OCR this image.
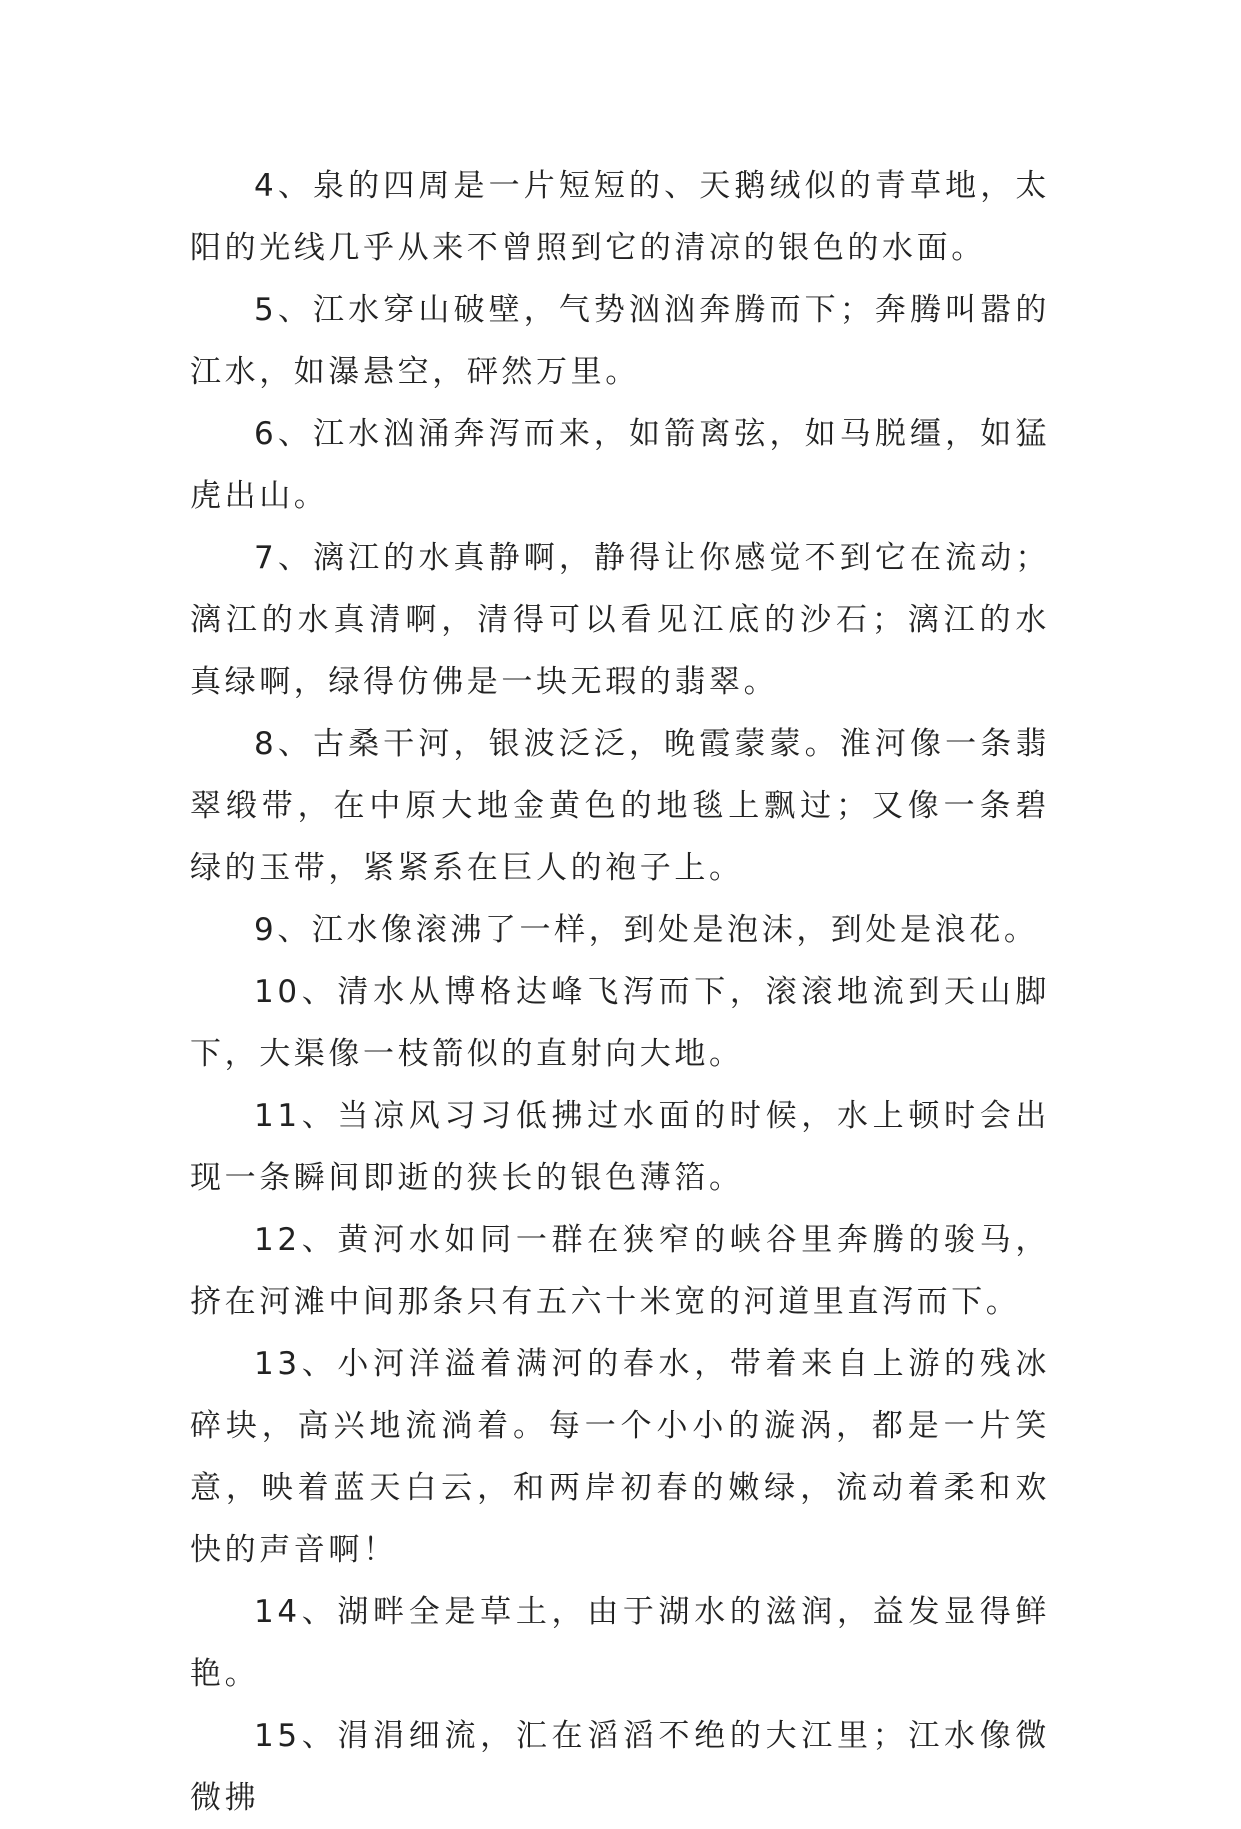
4、泉的四周是一片短短的、天鹅绒似的青草地，太阳的光线几乎从来不曾照到它的清凉的银色的水面。

5、江水穿山破壁，气势汹汹奔腾而下；奔腾叫嚣的江水，如瀑悬空，砰然万里。

6、江水汹涌奔泻而来，如箭离弦，如马脱缰，如猛虎出山。

7、漓江的水真静啊，静得让你感觉不到它在流动；漓江的水真清啊，清得可以看见江底的沙石；漓江的水真绿啊，绿得仿佛是一块无瑕的翡翠。

8、古桑干河，银波泛泛，晚霞蒙蒙。淮河像一条翡翠缎带，在中原大地金黄色的地毯上飘过；又像一条碧绿的玉带，紧紧系在巨人的袍子上。

9、江水像滚沸了一样，到处是泡沫，到处是浪花。

10、清水从博格达峰飞泻而下，滚滚地流到天山脚下，大渠像一枝箭似的直射向大地。

11、当凉风习习低拂过水面的时候，水上顿时会出现一条瞬间即逝的狭长的银色薄箔。

12、黄河水如同一群在狭窄的峡谷里奔腾的骏马，挤在河滩中间那条只有五六十米宽的河道里直泻而下。

13、小河洋溢着满河的春水，带着来自上游的残冰碎块，高兴地流淌着。每一个小小的漩涡，都是一片笑意，映着蓝天白云，和两岸初春的嫩绿，流动着柔和欢快的声音啊！

14、湖畔全是草土，由于湖水的滋润，益发显得鲜艳。

15、涓涓细流，汇在滔滔不绝的大江里；江水像微微拂
